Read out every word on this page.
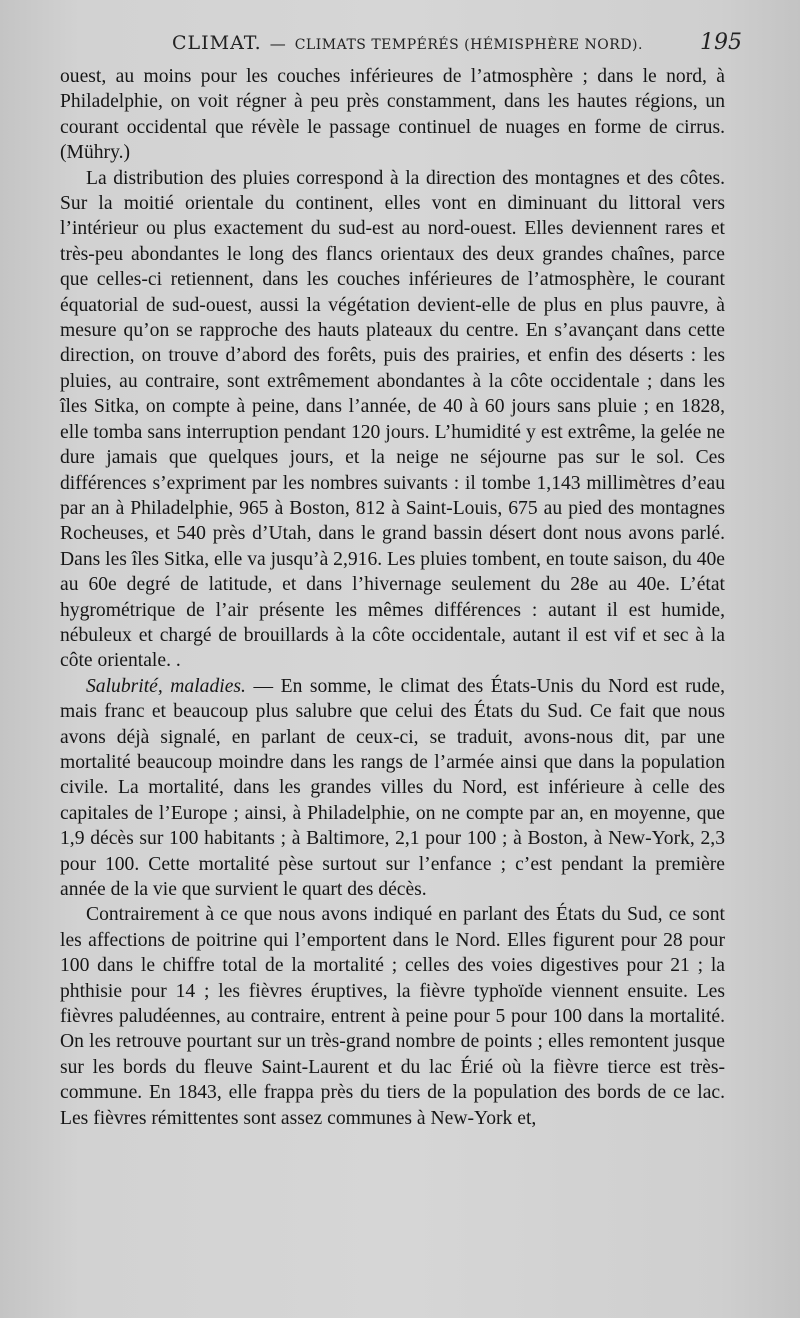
CLIMAT. — CLIMATS TEMPÉRÉS (HÉMISPHÈRE NORD).	195

ouest, au moins pour les couches inférieures de l’atmosphère ; dans le nord, à Philadelphie, on voit régner à peu près constamment, dans les hautes régions, un courant occidental que révèle le passage continuel de nuages en forme de cirrus. (Mühry.)

La distribution des pluies correspond à la direction des montagnes et des côtes. Sur la moitié orientale du continent, elles vont en diminuant du littoral vers l’intérieur ou plus exactement du sud-est au nord-ouest. Elles deviennent rares et très-peu abondantes le long des flancs orientaux des deux grandes chaînes, parce que celles-ci retiennent, dans les couches inférieures de l’atmosphère, le courant équatorial de sud-ouest, aussi la végétation devient-elle de plus en plus pauvre, à mesure qu’on se rapproche des hauts plateaux du centre. En s’avançant dans cette direction, on trouve d’abord des forêts, puis des prairies, et enfin des déserts : les pluies, au contraire, sont extrêmement abondantes à la côte occidentale ; dans les îles Sitka, on compte à peine, dans l’année, de 40 à 60 jours sans pluie ; en 1828, elle tomba sans interruption pendant 120 jours. L’humidité y est extrême, la gelée ne dure jamais que quelques jours, et la neige ne séjourne pas sur le sol. Ces différences s’expriment par les nombres suivants : il tombe 1,143 millimètres d’eau par an à Philadelphie, 965 à Boston, 812 à Saint-Louis, 675 au pied des montagnes Rocheuses, et 540 près d’Utah, dans le grand bassin désert dont nous avons parlé. Dans les îles Sitka, elle va jusqu’à 2,916. Les pluies tombent, en toute saison, du 40e au 60e degré de latitude, et dans l’hivernage seulement du 28e au 40e. L’état hygrométrique de l’air présente les mêmes différences : autant il est humide, nébuleux et chargé de brouillards à la côte occidentale, autant il est vif et sec à la côte orientale. .

Salubrité, maladies. — En somme, le climat des États-Unis du Nord est rude, mais franc et beaucoup plus salubre que celui des États du Sud. Ce fait que nous avons déjà signalé, en parlant de ceux-ci, se traduit, avons-nous dit, par une mortalité beaucoup moindre dans les rangs de l’armée ainsi que dans la population civile. La mortalité, dans les grandes villes du Nord, est inférieure à celle des capitales de l’Europe ; ainsi, à Philadelphie, on ne compte par an, en moyenne, que 1,9 décès sur 100 habitants ; à Baltimore, 2,1 pour 100 ; à Boston, à New-York, 2,3 pour 100. Cette mortalité pèse surtout sur l’enfance ; c’est pendant la première année de la vie que survient le quart des décès.

Contrairement à ce que nous avons indiqué en parlant des États du Sud, ce sont les affections de poitrine qui l’emportent dans le Nord. Elles figurent pour 28 pour 100 dans le chiffre total de la mortalité ; celles des voies digestives pour 21 ; la phthisie pour 14 ; les fièvres éruptives, la fièvre typhoïde viennent ensuite. Les fièvres paludéennes, au contraire, entrent à peine pour 5 pour 100 dans la mortalité. On les retrouve pourtant sur un très-grand nombre de points ; elles remontent jusque sur les bords du fleuve Saint-Laurent et du lac Érié où la fièvre tierce est très-commune. En 1843, elle frappa près du tiers de la population des bords de ce lac. Les fièvres rémittentes sont assez communes à New-York et,
